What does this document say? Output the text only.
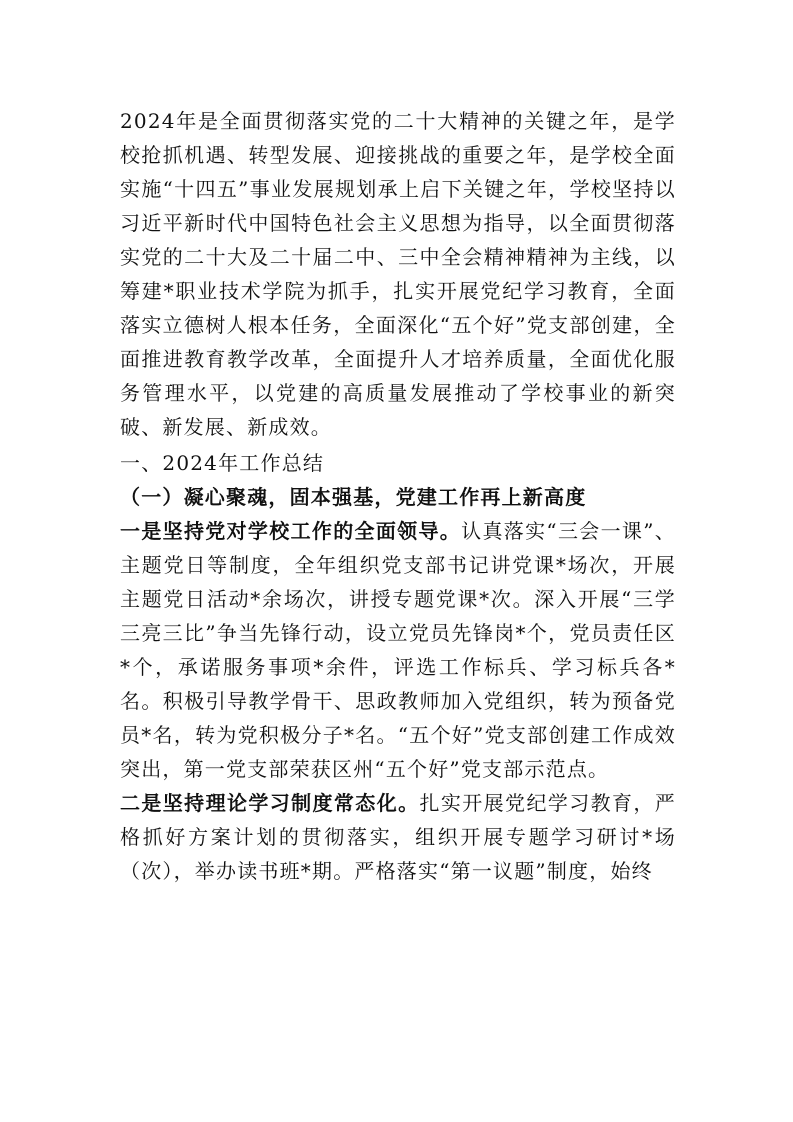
2024年是全面贯彻落实党的二十大精神的关键之年，是学校抢抓机遇、转型发展、迎接挑战的重要之年，是学校全面实施“十四五”事业发展规划承上启下关键之年，学校坚持以习近平新时代中国特色社会主义思想为指导，以全面贯彻落实党的二十大及二十届二中、三中全会精神精神为主线，以筹建*职业技术学院为抓手，扎实开展党纪学习教育，全面落实立德树人根本任务，全面深化“五个好”党支部创建，全面推进教育教学改革，全面提升人才培养质量，全面优化服务管理水平，以党建的高质量发展推动了学校事业的新突破、新发展、新成效。

一、2024年工作总结

（一）凝心聚魂，固本强基，党建工作再上新高度

一是坚持党对学校工作的全面领导。认真落实“三会一课”、主题党日等制度，全年组织党支部书记讲党课*场次，开展主题党日活动*余场次，讲授专题党课*次。深入开展“三学三亮三比”争当先锋行动，设立党员先锋岗*个，党员责任区*个，承诺服务事项*余件，评选工作标兵、学习标兵各*名。积极引导教学骨干、思政教师加入党组织，转为预备党员*名，转为党积极分子*名。“五个好”党支部创建工作成效突出，第一党支部荣获区州“五个好”党支部示范点。

二是坚持理论学习制度常态化。扎实开展党纪学习教育，严格抓好方案计划的贯彻落实，组织开展专题学习研讨*场（次），举办读书班*期。严格落实“第一议题”制度，始终
